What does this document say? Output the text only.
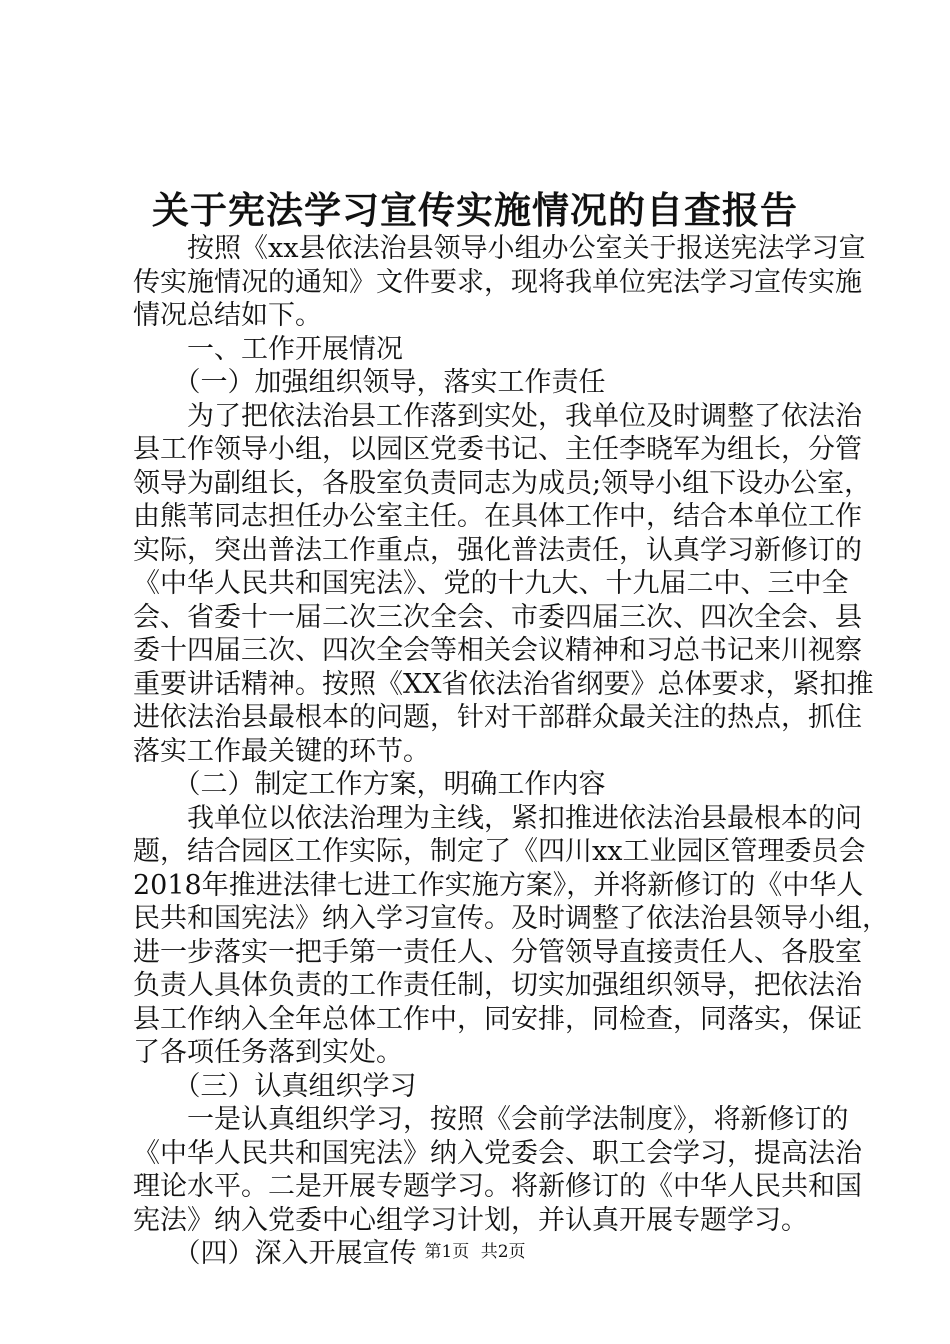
关于宪法学习宣传实施情况的自查报告
　　按照《xx县依法治县领导小组办公室关于报送宪法学习宣
传实施情况的通知》文件要求，现将我单位宪法学习宣传实施
情况总结如下。
　　一、工作开展情况
　　（一）加强组织领导，落实工作责任
　　为了把依法治县工作落到实处，我单位及时调整了依法治
县工作领导小组，以园区党委书记、主任李晓军为组长，分管
领导为副组长，各股室负责同志为成员;领导小组下设办公室，
由熊苇同志担任办公室主任。在具体工作中，结合本单位工作
实际，突出普法工作重点，强化普法责任，认真学习新修订的
《中华人民共和国宪法》、党的十九大、十九届二中、三中全
会、省委十一届二次三次全会、市委四届三次、四次全会、县
委十四届三次、四次全会等相关会议精神和习总书记来川视察
重要讲话精神。按照《XX省依法治省纲要》总体要求，紧扣推
进依法治县最根本的问题，针对干部群众最关注的热点，抓住
落实工作最关键的环节。
　　（二）制定工作方案，明确工作内容
　　我单位以依法治理为主线，紧扣推进依法治县最根本的问
题，结合园区工作实际，制定了《四川xx工业园区管理委员会
2018年推进法律七进工作实施方案》，并将新修订的《中华人
民共和国宪法》纳入学习宣传。及时调整了依法治县领导小组，
进一步落实一把手第一责任人、分管领导直接责任人、各股室
负责人具体负责的工作责任制，切实加强组织领导，把依法治
县工作纳入全年总体工作中，同安排，同检查，同落实，保证
了各项任务落到实处。
　　（三）认真组织学习
　　一是认真组织学习，按照《会前学法制度》，将新修订的
《中华人民共和国宪法》纳入党委会、职工会学习，提高法治
理论水平。二是开展专题学习。将新修订的《中华人民共和国
宪法》纳入党委中心组学习计划，并认真开展专题学习。
　　（四）深入开展宣传 第1页 共2页
